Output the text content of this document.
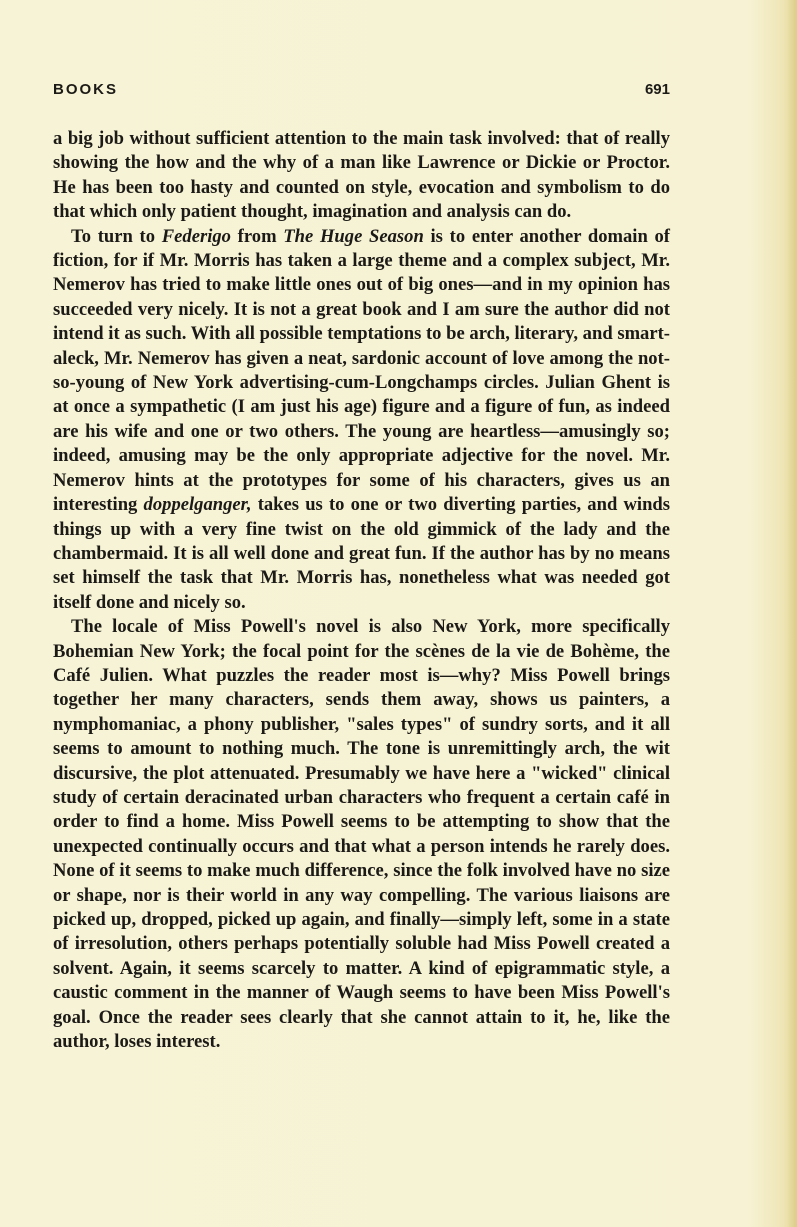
BOOKS	691

a big job without sufficient attention to the main task involved: that of really showing the how and the why of a man like Lawrence or Dickie or Proctor. He has been too hasty and counted on style, evocation and symbolism to do that which only patient thought, imagination and analysis can do.

To turn to Federigo from The Huge Season is to enter another domain of fiction, for if Mr. Morris has taken a large theme and a complex subject, Mr. Nemerov has tried to make little ones out of big ones—and in my opinion has succeeded very nicely. It is not a great book and I am sure the author did not intend it as such. With all possible temptations to be arch, literary, and smart-aleck, Mr. Nemerov has given a neat, sardonic account of love among the not-so-young of New York advertising-cum-Longchamps circles. Julian Ghent is at once a sympathetic (I am just his age) figure and a figure of fun, as indeed are his wife and one or two others. The young are heartless—amusingly so; indeed, amusing may be the only appropriate adjective for the novel. Mr. Nemerov hints at the prototypes for some of his characters, gives us an interesting doppelganger, takes us to one or two diverting parties, and winds things up with a very fine twist on the old gimmick of the lady and the chambermaid. It is all well done and great fun. If the author has by no means set himself the task that Mr. Morris has, nonetheless what was needed got itself done and nicely so.

The locale of Miss Powell's novel is also New York, more specifically Bohemian New York; the focal point for the scènes de la vie de Bohème, the Café Julien. What puzzles the reader most is—why? Miss Powell brings together her many characters, sends them away, shows us painters, a nymphomaniac, a phony publisher, "sales types" of sundry sorts, and it all seems to amount to nothing much. The tone is unremittingly arch, the wit discursive, the plot attenuated. Presumably we have here a "wicked" clinical study of certain deracinated urban characters who frequent a certain café in order to find a home. Miss Powell seems to be attempting to show that the unexpected continually occurs and that what a person intends he rarely does. None of it seems to make much difference, since the folk involved have no size or shape, nor is their world in any way compelling. The various liaisons are picked up, dropped, picked up again, and finally—simply left, some in a state of irresolution, others perhaps potentially soluble had Miss Powell created a solvent. Again, it seems scarcely to matter. A kind of epigrammatic style, a caustic comment in the manner of Waugh seems to have been Miss Powell's goal. Once the reader sees clearly that she cannot attain to it, he, like the author, loses interest.
